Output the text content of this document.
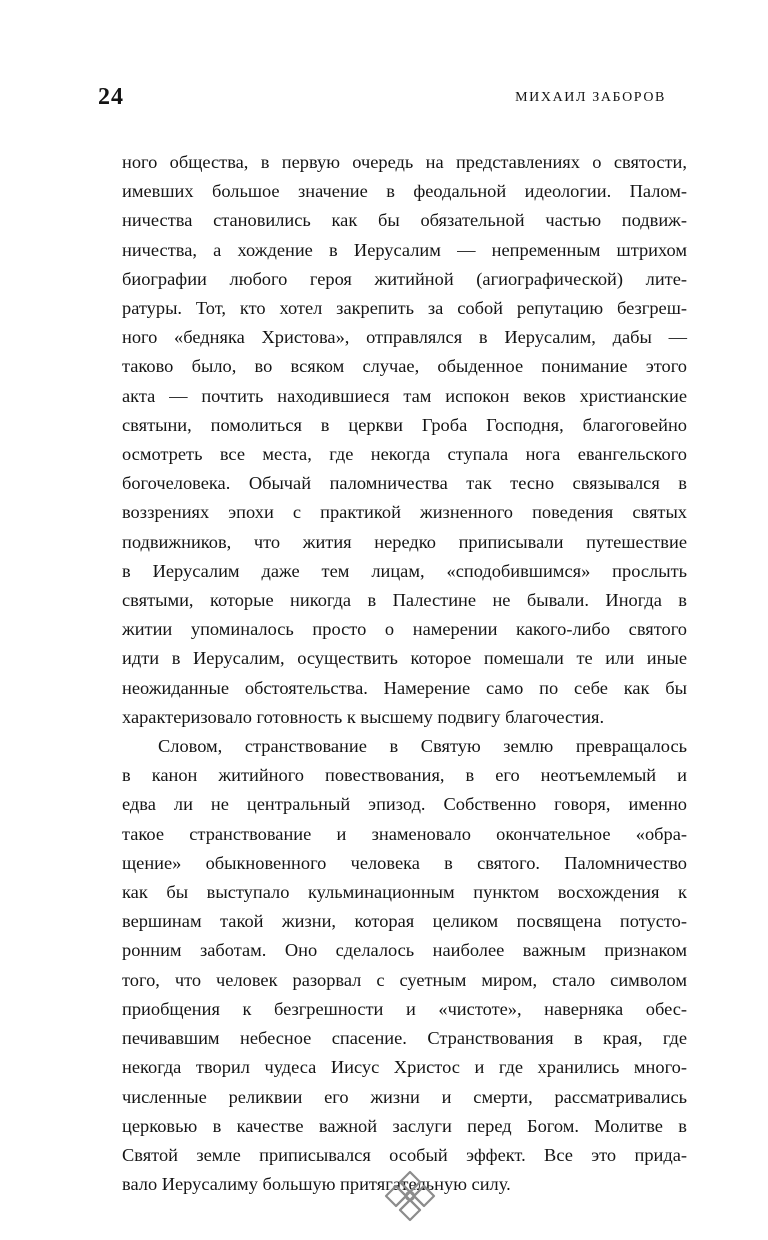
24	МИХАИЛ ЗАБОРОВ
ного общества, в первую очередь на представлениях о святости,
имевших большое значение в феодальной идеологии. Палом-
ничества становились как бы обязательной частью подвиж-
ничества, а хождение в Иерусалим — непременным штрихом
биографии любого героя житийной (агиографической) лите-
ратуры. Тот, кто хотел закрепить за собой репутацию безгреш-
ного «бедняка Христова», отправлялся в Иерусалим, дабы —
таково было, во всяком случае, обыденное понимание этого
акта — почтить находившиеся там испокон веков христианские
святыни, помолиться в церкви Гроба Господня, благоговейно
осмотреть все места, где некогда ступала нога евангельского
богочеловека. Обычай паломничества так тесно связывался в
воззрениях эпохи с практикой жизненного поведения святых
подвижников, что жития нередко приписывали путешествие
в Иерусалим даже тем лицам, «сподобившимся» прослыть
святыми, которые никогда в Палестине не бывали. Иногда в
житии упоминалось просто о намерении какого-либо святого
идти в Иерусалим, осуществить которое помешали те или иные
неожиданные обстоятельства. Намерение само по себе как бы
характеризовало готовность к высшему подвигу благочестия.
Словом, странствование в Святую землю превращалось
в канон житийного повествования, в его неотъемлемый и
едва ли не центральный эпизод. Собственно говоря, именно
такое странствование и знаменовало окончательное «обра-
щение» обыкновенного человека в святого. Паломничество
как бы выступало кульминационным пунктом восхождения к
вершинам такой жизни, которая целиком посвящена потусто-
ронним заботам. Оно сделалось наиболее важным признаком
того, что человек разорвал с суетным миром, стало символом
приобщения к безгрешности и «чистоте», наверняка обес-
печивавшим небесное спасение. Странствования в края, где
некогда творил чудеса Иисус Христос и где хранились много-
численные реликвии его жизни и смерти, рассматривались
церковью в качестве важной заслуги перед Богом. Молитве в
Святой земле приписывался особый эффект. Все это прида-
вало Иерусалиму большую притягательную силу.
